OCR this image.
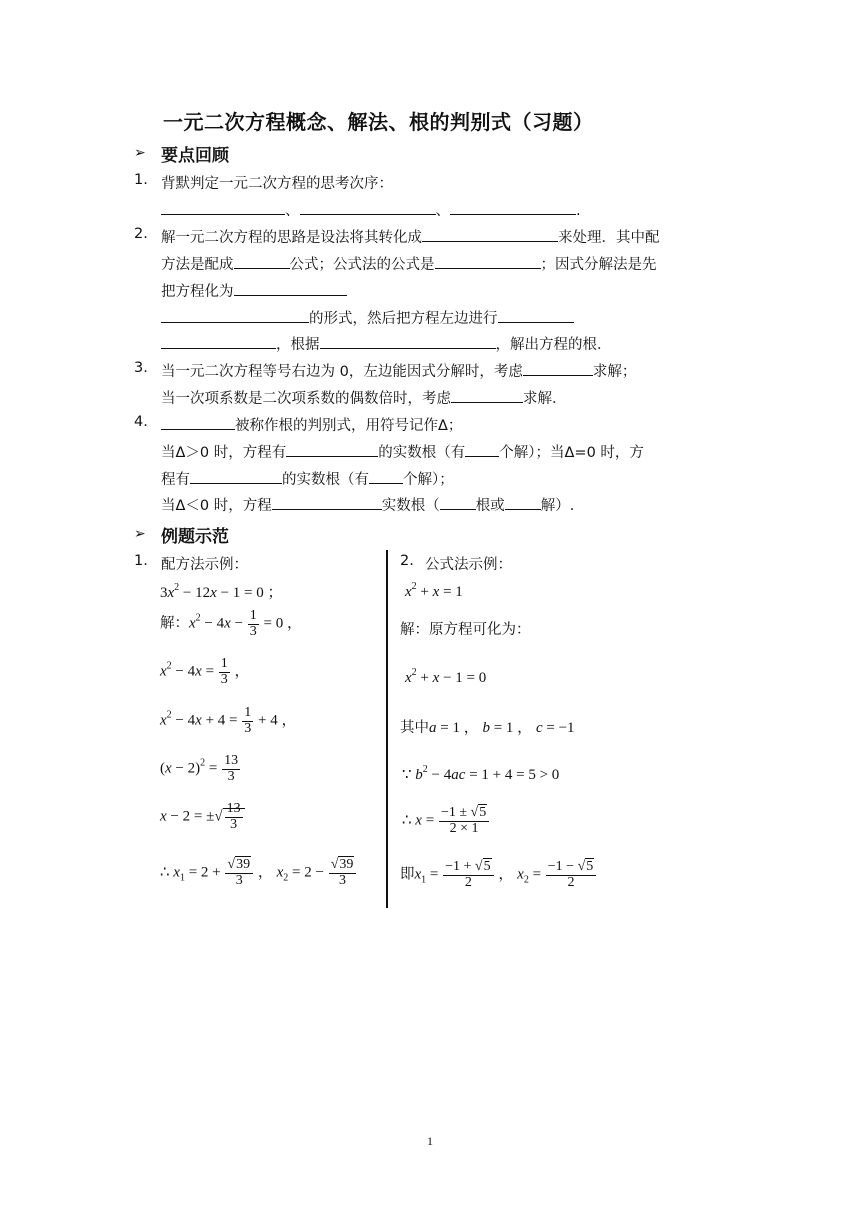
一元二次方程概念、解法、根的判别式（习题）
➢ 要点回顾
1. 背默判定一元二次方程的思考次序：
、	、	.
2. 解一元二次方程的思路是设法将其转化成	来处理．其中配
方法是配成	公式；公式法的公式是	；因式分解法是先
把方程化为
的形式，然后把方程左边进行
，根据	，解出方程的根．
3. 当一元二次方程等号右边为 0，左边能因式分解时，考虑	求解；
当一次项系数是二次项系数的偶数倍时，考虑	求解．
4.	被称作根的判别式，用符号记作Δ；
当Δ＞0 时，方程有	的实数根（有 个解）；当Δ=0 时，方
程有	的实数根（有 个解）；
当Δ＜0 时，方程	实数根（ 根或 解）.
➢ 例题示范
1. 配方法示例：
$3x^2 - 12x - 1 = 0$ ；
解：$x^2 - 4x - \frac{1}{3} = 0$ ，
$x^2 - 4x = \frac{1}{3}$ ，
$x^2 - 4x + 4 = \frac{1}{3} + 4$ ，
$(x - 2)^2 = \frac{13}{3}$
x − 2 = ±√ $\frac{13}{3}$
∴ $x_1 = 2 + \frac{√39}{3}$ ， $x_2 = 2 - \frac{√39}{3}$
2. 公式法示例：
$x^2 + x = 1$
解：原方程可化为：
$x^2 + x - 1 = 0$
其中a = 1 ， b = 1 ， c = −1
∵ $b^2 - 4ac = 1 + 4 = 5 > 0$
∴ $x = \frac{-1 \pm √5}{2 \times 1}$
即$x_1 = \frac{-1 + √5}{2}$ ， $x_2 = \frac{-1 - √5}{2}$
1
